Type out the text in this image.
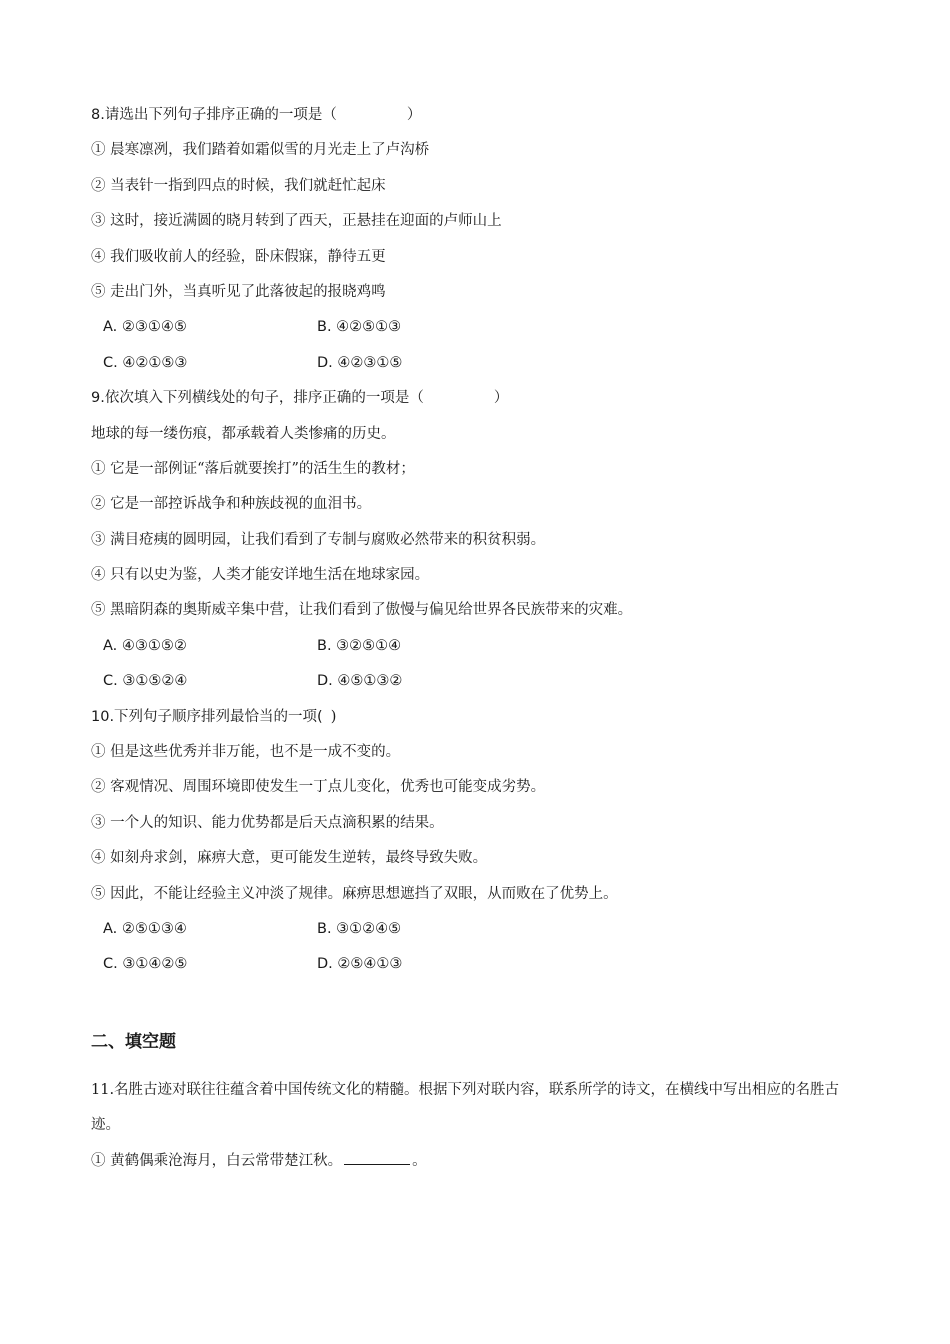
8.请选出下列句子排序正确的一项是（	）
① 晨寒凛冽，我们踏着如霜似雪的月光走上了卢沟桥
② 当表针一指到四点的时候，我们就赶忙起床
③ 这时，接近满圆的晓月转到了西天，正悬挂在迎面的卢师山上
④ 我们吸收前人的经验，卧床假寐，静待五更
⑤ 走出门外，当真听见了此落彼起的报晓鸡鸣
A. ②③①④⑤	B. ④②⑤①③
C. ④②①⑤③	D. ④②③①⑤
9.依次填入下列横线处的句子，排序正确的一项是（	）
地球的每一缕伤痕，都承载着人类惨痛的历史。
① 它是一部例证“落后就要挨打”的活生生的教材；
② 它是一部控诉战争和种族歧视的血泪书。
③ 满目疮痍的圆明园，让我们看到了专制与腐败必然带来的积贫积弱。
④ 只有以史为鉴，人类才能安详地生活在地球家园。
⑤ 黑暗阴森的奥斯威辛集中营，让我们看到了傲慢与偏见给世界各民族带来的灾难。
A. ④③①⑤②	B. ③②⑤①④
C. ③①⑤②④	D. ④⑤①③②
10.下列句子顺序排列最恰当的一项( )
① 但是这些优秀并非万能，也不是一成不变的。
② 客观情况、周围环境即使发生一丁点儿变化，优秀也可能变成劣势。
③ 一个人的知识、能力优势都是后天点滴积累的结果。
④ 如刻舟求剑，麻痹大意，更可能发生逆转，最终导致失败。
⑤ 因此，不能让经验主义冲淡了规律。麻痹思想遮挡了双眼，从而败在了优势上。
A. ②⑤①③④	B. ③①②④⑤
C. ③①④②⑤	D. ②⑤④①③
二、填空题
11.名胜古迹对联往往蕴含着中国传统文化的精髓。根据下列对联内容，联系所学的诗文，在横线中写出相应的名胜古迹。
① 黄鹤偶乘沧海月，白云常带楚江秋。	。
